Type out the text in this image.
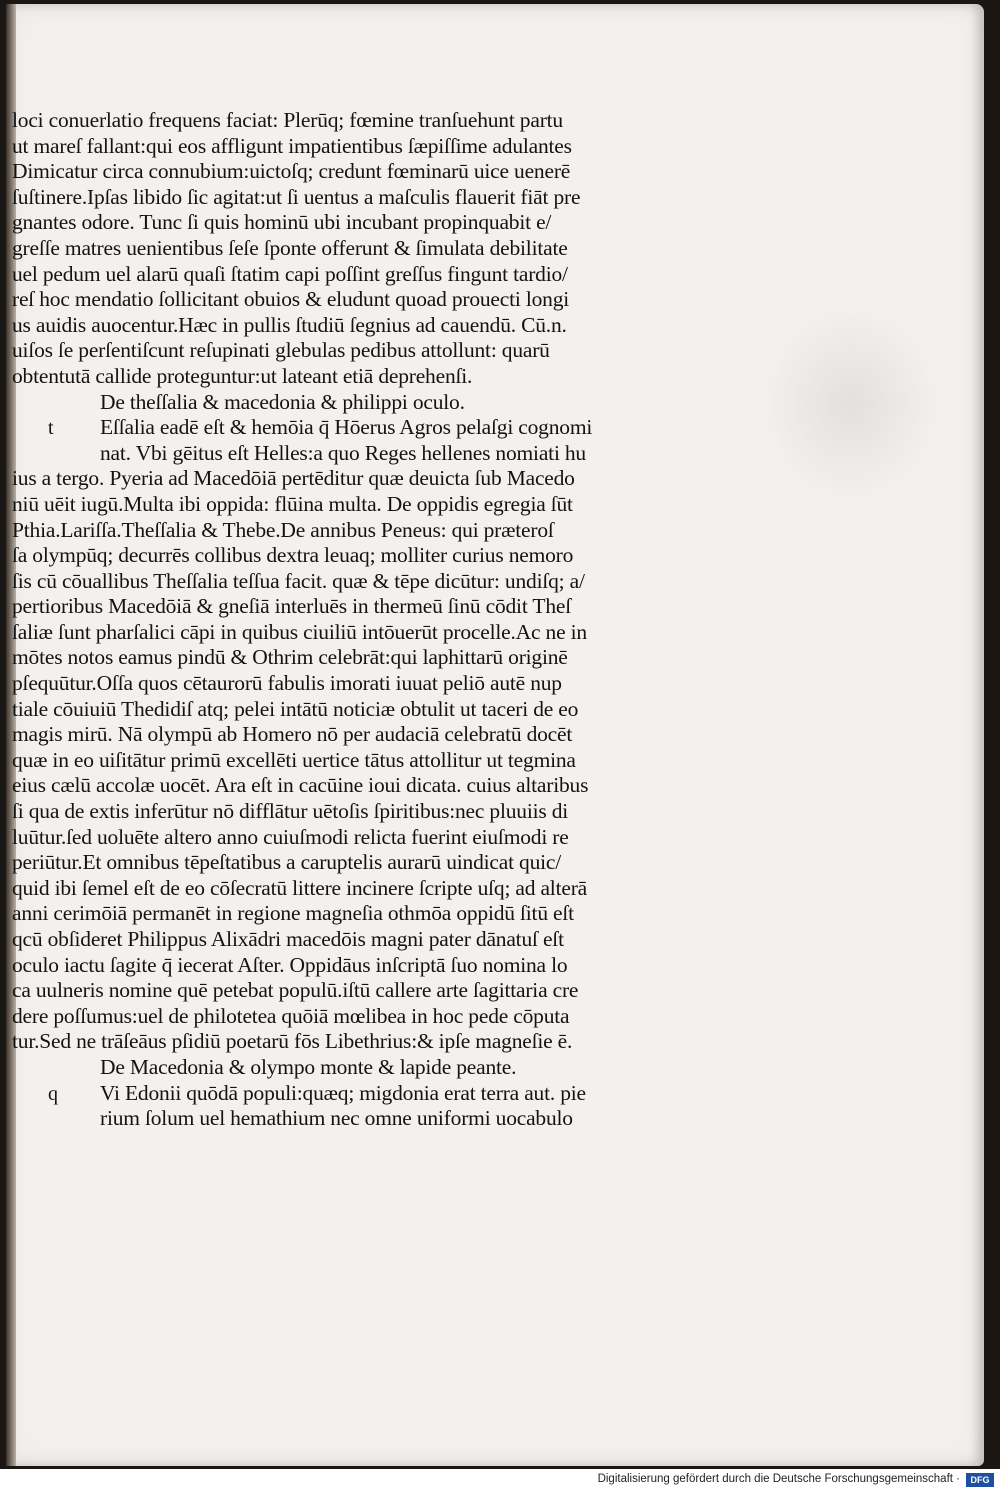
loci conuerlatio frequens faciat: Plerūq; fœmine tranſuehunt partu
ut mareſ fallant:qui eos affligunt impatientibus ſæpiſſime adulantes
Dimicatur circa connubium:uictoſq; credunt fœminarū uice uenerē
ſuſtinere.Ipſas libido ſic agitat:ut ſi uentus a maſculis flauerit fiāt pre
gnantes odore. Tunc ſi quis hominū ubi incubant propinquabit e/
greſſe matres uenientibus ſeſe ſponte offerunt & ſimulata debilitate
uel pedum uel alarū quaſi ſtatim capi poſſint greſſus fingunt tardio/
reſ hoc mendatio ſollicitant obuios & eludunt quoad prouecti longi
us auidis auocentur.Hæc in pullis ſtudiū ſegnius ad cauendū. Cū.n.
uiſos ſe perſentiſcunt reſupinati glebulas pedibus attollunt: quarū
obtentutā callide proteguntur:ut lateant etiā deprehenſi.
De theſſalia & macedonia & philippi oculo.
t Eſſalia eadē eſt & hemōia q̄ Hōerus Agros pelaſgi cognomi
nat. Vbi gēitus eſt Helles:a quo Reges hellenes nomiati hu
ius a tergo. Pyeria ad Macedōiā pertēditur quæ deuicta ſub Macedo
niū uēit iugū.Multa ibi oppida: flūina multa. De oppidis egregia ſūt
Pthia.Lariſſa.Theſſalia & Thebe.De annibus Peneus: qui præteroſ
ſa olympūq; decurrēs collibus dextra leuaq; molliter curius nemoro
ſis cū cōuallibus Theſſalia teſſua facit. quæ & tēpe dicūtur: undiſq; a/
pertioribus Macedōiā & gneſiā interluēs in thermeū ſinū cōdit Theſ
ſaliæ ſunt pharſalici cāpi in quibus ciuiliū intōuerūt procelle.Ac ne in
mōtes notos eamus pindū & Othrim celebrāt:qui laphittarū originē
pſequūtur.Oſſa quos cētaurorū fabulis imorati iuuat peliō autē nup
tiale cōuiuiū Thedidiſ atq; pelei intātū noticiæ obtulit ut taceri de eo
magis mirū. Nā olympū ab Homero nō per audaciā celebratū docēt
quæ in eo uiſitātur primū excellēti uertice tātus attollitur ut tegmina
eius cælū accolæ uocēt. Ara eſt in cacūine ioui dicata. cuius altaribus
ſi qua de extis inferūtur nō difflātur uētoſis ſpiritibus:nec pluuiis di
luūtur.ſed uoluēte altero anno cuiuſmodi relicta fuerint eiuſmodi re
periūtur.Et omnibus tēpeſtatibus a caruptelis aurarū uindicat quic/
quid ibi ſemel eſt de eo cōſecratū littere incinere ſcripte uſq; ad alterā
anni cerimōiā permanēt in regione magneſia othmōa oppidū ſitū eſt
qcū obſideret Philippus Alixādri macedōis magni pater dānatuſ eſt
oculo iactu ſagite q̄ iecerat Aſter. Oppidāus inſcriptā ſuo nomina lo
ca uulneris nomine quē petebat populū.iſtū callere arte ſagittaria cre
dere poſſumus:uel de philotetea quōiā mœlibea in hoc pede cōputa
tur.Sed ne trāſeāus pſidiū poetarū fōs Libethrius:& ipſe magneſie ē.
De Macedonia & olympo monte & lapide peante.
q Vi Edonii quōdā populi:quæq; migdonia erat terra aut. pie
rium ſolum uel hemathium nec omne uniformi uocabulo
Digitalisierung gefördert durch die Deutsche Forschungsgemeinschaft ·	DFG
